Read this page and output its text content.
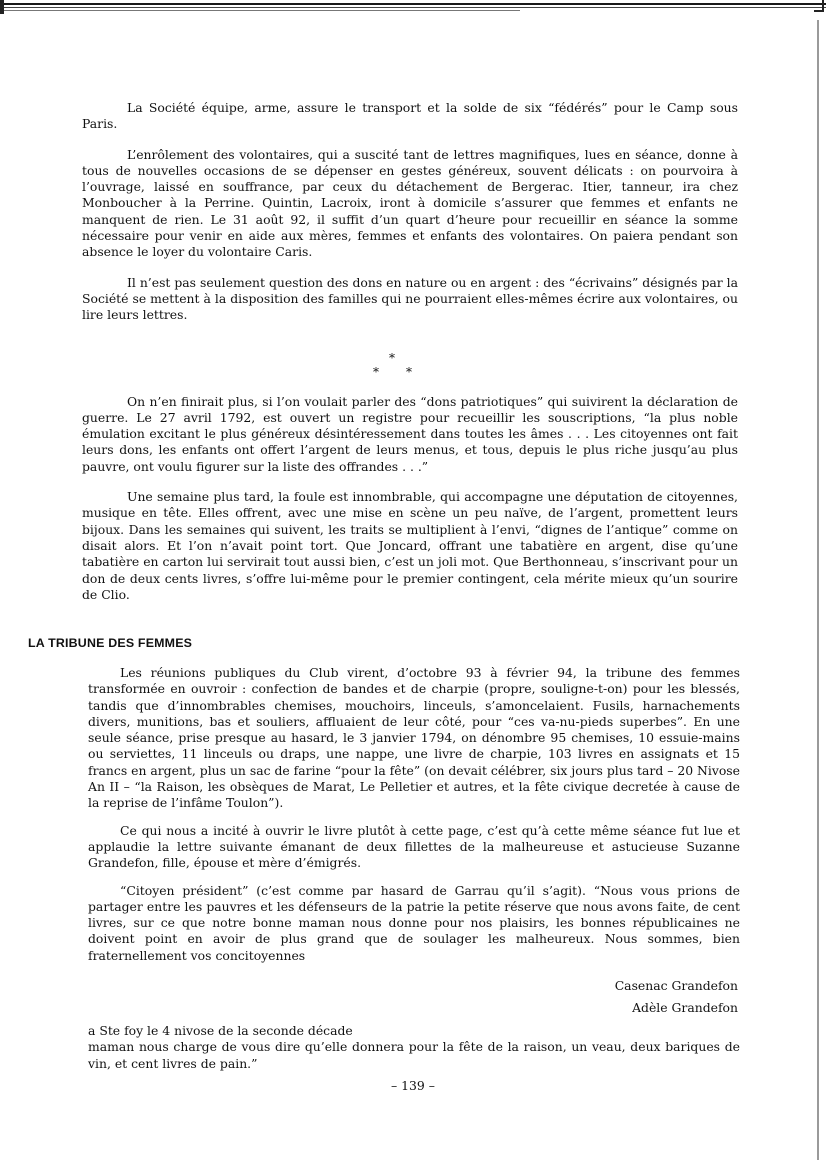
La Société équipe, arme, assure le transport et la solde de six “fédérés” pour le Camp sous Paris.

L’enrôlement des volontaires, qui a suscité tant de lettres magnifiques, lues en séance, donne à tous de nouvelles occasions de se dépenser en gestes généreux, souvent délicats : on pourvoira à l’ouvrage, laissé en souffrance, par ceux du détachement de Bergerac. Itier, tanneur, ira chez Monboucher à la Perrine. Quintin, Lacroix, iront à domicile s’assurer que femmes et enfants ne manquent de rien. Le 31 août 92, il suffit d’un quart d’heure pour recueillir en séance la somme nécessaire pour venir en aide aux mères, femmes et enfants des volontaires. On paiera pendant son absence le loyer du volontaire Caris.

Il n’est pas seulement question des dons en nature ou en argent : des “écrivains” désignés par la Société se mettent à la disposition des familles qui ne pourraient elles-mêmes écrire aux volontaires, ou lire leurs lettres.

*
* *

On n’en finirait plus, si l’on voulait parler des “dons patriotiques” qui suivirent la déclaration de guerre. Le 27 avril 1792, est ouvert un registre pour recueillir les souscriptions, “la plus noble émulation excitant le plus généreux désintéressement dans toutes les âmes . . . Les citoyennes ont fait leurs dons, les enfants ont offert l’argent de leurs menus, et tous, depuis le plus riche jusqu’au plus pauvre, ont voulu figurer sur la liste des offrandes . . .”

Une semaine plus tard, la foule est innombrable, qui accompagne une députation de citoyennes, musique en tête. Elles offrent, avec une mise en scène un peu naïve, de l’argent, promettent leurs bijoux. Dans les semaines qui suivent, les traits se multiplient à l’envi, “dignes de l’antique” comme on disait alors. Et l’on n’avait point tort. Que Joncard, offrant une tabatière en argent, dise qu’une tabatière en carton lui servirait tout aussi bien, c’est un joli mot. Que Berthonneau, s’inscrivant pour un don de deux cents livres, s’offre lui-même pour le premier contingent, cela mérite mieux qu’un sourire de Clio.

LA TRIBUNE DES FEMMES

Les réunions publiques du Club virent, d’octobre 93 à février 94, la tribune des femmes transformée en ouvroir : confection de bandes et de charpie (propre, souligne-t-on) pour les blessés, tandis que d’innombrables chemises, mouchoirs, linceuls, s’amoncelaient. Fusils, harnachements divers, munitions, bas et souliers, affluaient de leur côté, pour “ces va-nu-pieds superbes”. En une seule séance, prise presque au hasard, le 3 janvier 1794, on dénombre 95 chemises, 10 essuie-mains ou serviettes, 11 linceuls ou draps, une nappe, une livre de charpie, 103 livres en assignats et 15 francs en argent, plus un sac de farine “pour la fête” (on devait célébrer, six jours plus tard – 20 Nivose An II – “la Raison, les obsèques de Marat, Le Pelletier et autres, et la fête civique decretée à cause de la reprise de l’infâme Toulon”).

Ce qui nous a incité à ouvrir le livre plutôt à cette page, c’est qu’à cette même séance fut lue et applaudie la lettre suivante émanant de deux fillettes de la malheureuse et astucieuse Suzanne Grandefon, fille, épouse et mère d’émigrés.

“Citoyen président” (c’est comme par hasard de Garrau qu’il s’agit). “Nous vous prions de partager entre les pauvres et les défenseurs de la patrie la petite réserve que nous avons faite, de cent livres, sur ce que notre bonne maman nous donne pour nos plaisirs, les bonnes républicaines ne doivent point en avoir de plus grand que de soulager les malheureux. Nous sommes, bien fraternellement vos concitoyennes

Casenac Grandefon
Adèle Grandefon

a Ste foy le 4 nivose de la seconde décade

maman nous charge de vous dire qu’elle donnera pour la fête de la raison, un veau, deux bariques de vin, et cent livres de pain.”

– 139 –
